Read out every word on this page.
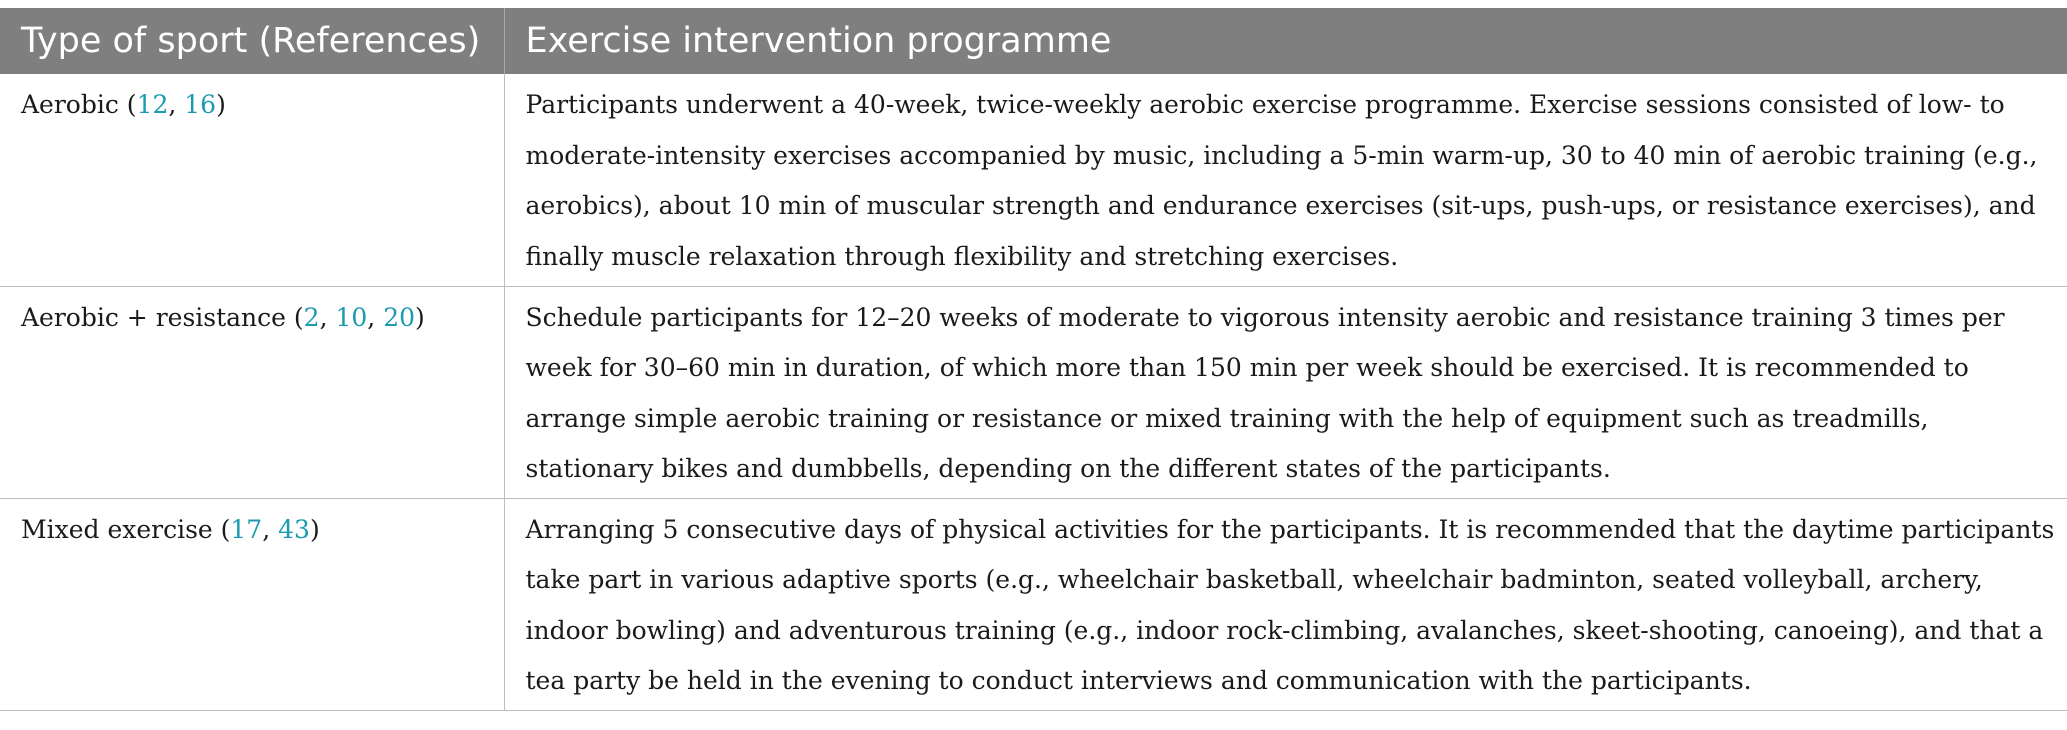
Type of sport (References)	Exercise intervention programme
Aerobic (12, 16)	Participants underwent a 40-week, twice-weekly aerobic exercise programme. Exercise sessions consisted of low- to moderate-intensity exercises accompanied by music, including a 5-min warm-up, 30 to 40 min of aerobic training (e.g., aerobics), about 10 min of muscular strength and endurance exercises (sit-ups, push-ups, or resistance exercises), and finally muscle relaxation through flexibility and stretching exercises.
Aerobic + resistance (2, 10, 20)	Schedule participants for 12–20 weeks of moderate to vigorous intensity aerobic and resistance training 3 times per week for 30–60 min in duration, of which more than 150 min per week should be exercised. It is recommended to arrange simple aerobic training or resistance or mixed training with the help of equipment such as treadmills, stationary bikes and dumbbells, depending on the different states of the participants.
Mixed exercise (17, 43)	Arranging 5 consecutive days of physical activities for the participants. It is recommended that the daytime participants take part in various adaptive sports (e.g., wheelchair basketball, wheelchair badminton, seated volleyball, archery, indoor bowling) and adventurous training (e.g., indoor rock-climbing, avalanches, skeet-shooting, canoeing), and that a tea party be held in the evening to conduct interviews and communication with the participants.
